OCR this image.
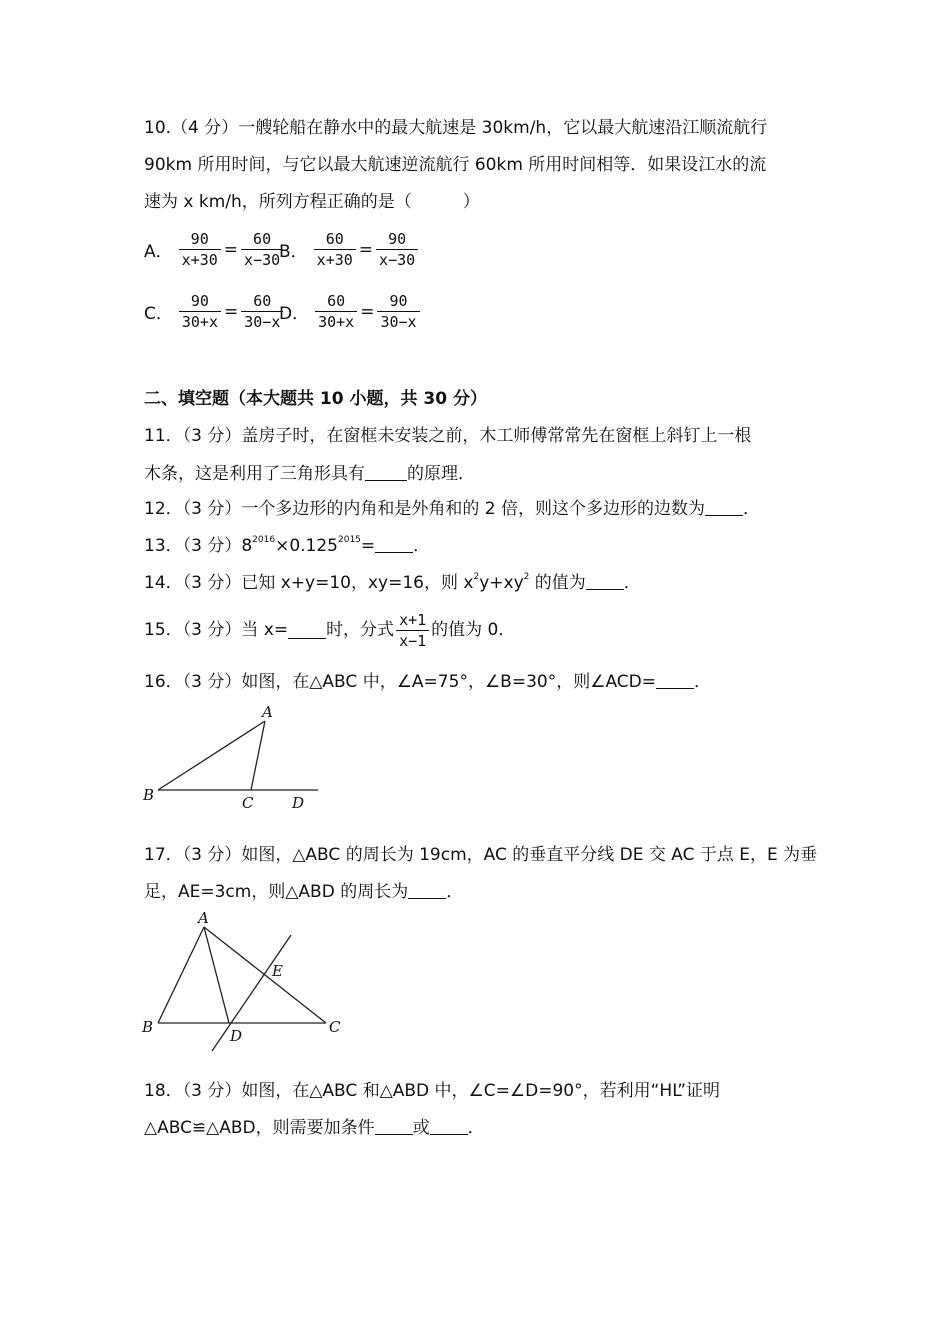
10.（4 分）一艘轮船在静水中的最大航速是 30km/h，它以最大航速沿江顺流航行
90km 所用时间，与它以最大航速逆流航行 60km 所用时间相等．如果设江水的流
速为 x km/h，所列方程正确的是（　　　）
A． $\frac{90}{x+30} = \frac{60}{x-30}$
B． $\frac{60}{x+30} = \frac{90}{x-30}$
C． $\frac{90}{30+x} = \frac{60}{30-x}$
D． $\frac{60}{30+x} = \frac{90}{30-x}$
二、填空题（本大题共 10 小题，共 30 分）
11．（3 分）盖房子时，在窗框未安装之前，木工师傅常常先在窗框上斜钉上一根
木条，这是利用了三角形具有 的原理．
12．（3 分）一个多边形的内角和是外角和的 2 倍，则这个多边形的边数为 ．
13．（3 分）$8^{2016}\times 0.125^{2015}=$ ．
14．（3 分）已知 x+y=10，xy=16，则 $x^2y+xy^2$ 的值为 ．
15．（3 分）当 x= 时，分式 $\frac{x+1}{x-1}$ 的值为 0．
16．（3 分）如图，在△ABC 中，∠A=75°，∠B=30°，则∠ACD= ．
A
B	C	D
17．（3 分）如图，△ABC 的周长为 19cm，AC 的垂直平分线 DE 交 AC 于点 E，E 为垂
足，AE=3cm，则△ABD 的周长为 ．
A
B	C
D
E
18．（3 分）如图，在△ABC 和△ABD 中，∠C=∠D=90°，若利用“HL”证明
△ABC≌△ABD，则需要加条件 或 ．
